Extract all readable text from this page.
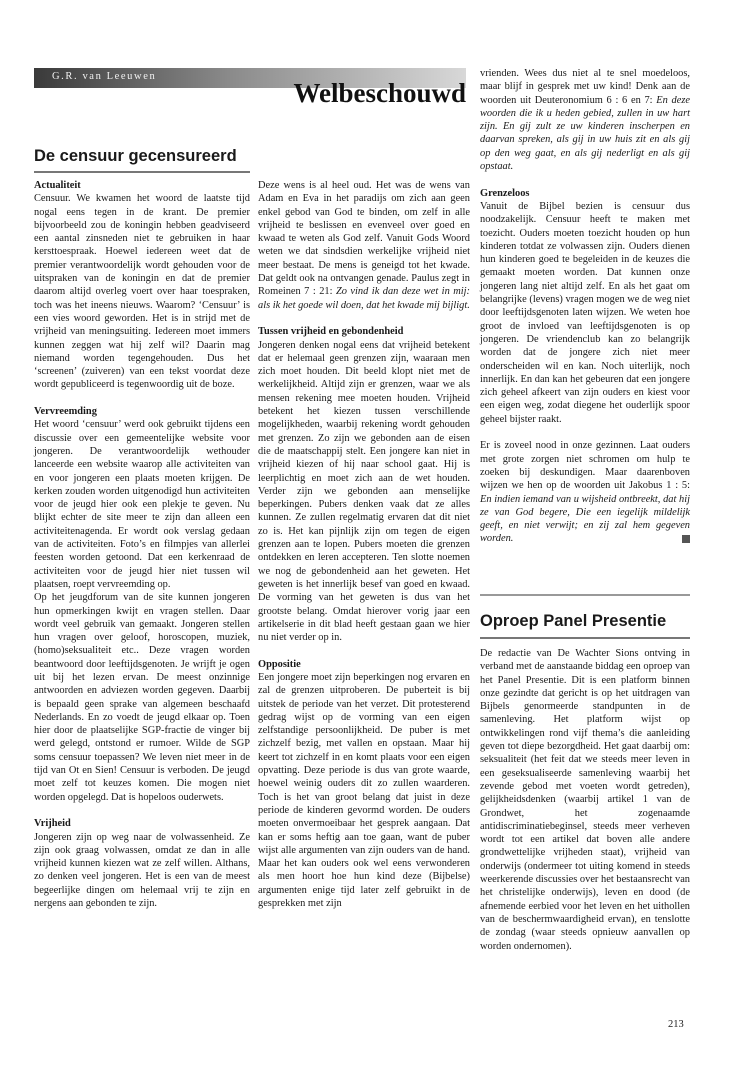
G.R. van Leeuwen
Welbeschouwd
De censuur gecensureerd

Actualiteit

Censuur. We kwamen het woord de laatste tijd nogal eens tegen in de krant. De premier bijvoorbeeld zou de koningin hebben geadviseerd een aantal zinsneden niet te gebruiken in haar kersttoespraak. Hoewel iedereen weet dat de premier verantwoordelijk wordt gehouden voor de uitspraken van de koningin en dat de premier daarom altijd overleg voert over haar toespraken, toch was het ineens nieuws. Waarom? ‘Censuur’ is een vies woord geworden. Het is in strijd met de vrijheid van meningsuiting. Iedereen moet immers kunnen zeggen wat hij zelf wil? Daarin mag niemand worden tegengehouden. Dus het ‘screenen’ (zuiveren) van een tekst voordat deze wordt gepubliceerd is tegenwoordig uit de boze.

Vervreemding

Het woord ‘censuur’ werd ook gebruikt tijdens een discussie over een gemeentelijke website voor jongeren. De verantwoordelijk wethouder lanceerde een website waarop alle activiteiten van en voor jongeren een plaats moeten krijgen. De kerken zouden worden uitgenodigd hun activiteiten voor de jeugd hier ook een plekje te geven. Nu blijkt echter de site meer te zijn dan alleen een activiteitenagenda. Er wordt ook verslag gedaan van de activiteiten. Foto’s en filmpjes van allerlei feesten worden getoond. Dat een kerkenraad de activiteiten voor de jeugd hier niet tussen wil plaatsen, roept vervreemding op.

Op het jeugdforum van de site kunnen jongeren hun opmerkingen kwijt en vragen stellen. Daar wordt veel gebruik van gemaakt. Jongeren stellen hun vragen over geloof, horoscopen, muziek, (homo)seksualiteit etc.. Deze vragen worden beantwoord door leeftijdsgenoten. Je wrijft je ogen uit bij het lezen ervan. De meest onzinnige antwoorden en adviezen worden gegeven. Daarbij is bepaald geen sprake van algemeen beschaafd Nederlands. En zo voedt de jeugd elkaar op. Toen hier door de plaatselijke SGP-fractie de vinger bij werd gelegd, ontstond er rumoer. Wilde de SGP soms censuur toepassen? We leven niet meer in de tijd van Ot en Sien! Censuur is verboden. De jeugd moet zelf tot keuzes komen. Die mogen niet worden opgelegd. Dat is hopeloos ouderwets.

Vrijheid

Jongeren zijn op weg naar de volwassenheid. Ze zijn ook graag volwassen, omdat ze dan in alle vrijheid kunnen kiezen wat ze zelf willen. Althans, zo denken veel jongeren. Het is een van de meest begeerlijke dingen om helemaal vrij te zijn en nergens aan gebonden te zijn.

Deze wens is al heel oud. Het was de wens van Adam en Eva in het paradijs om zich aan geen enkel gebod van God te binden, om zelf in alle vrijheid te beslissen en evenveel over goed en kwaad te weten als God zelf. Vanuit Gods Woord weten we dat sindsdien werkelijke vrijheid niet meer bestaat. De mens is geneigd tot het kwade. Dat geldt ook na ontvangen genade. Paulus zegt in Romeinen 7 : 21: Zo vind ik dan deze wet in mij: als ik het goede wil doen, dat het kwade mij bijligt.

Tussen vrijheid en gebondenheid

Jongeren denken nogal eens dat vrijheid betekent dat er helemaal geen grenzen zijn, waaraan men zich moet houden. Dit beeld klopt niet met de werkelijkheid. Altijd zijn er grenzen, waar we als mensen rekening mee moeten houden. Vrijheid betekent het kiezen tussen verschillende mogelijkheden, waarbij rekening wordt gehouden met grenzen. Zo zijn we gebonden aan de eisen die de maatschappij stelt. Een jongere kan niet in vrijheid kiezen of hij naar school gaat. Hij is leerplichtig en moet zich aan de wet houden. Verder zijn we gebonden aan menselijke beperkingen. Pubers denken vaak dat ze alles kunnen. Ze zullen regelmatig ervaren dat dit niet zo is. Het kan pijnlijk zijn om tegen de eigen grenzen aan te lopen. Pubers moeten die grenzen ontdekken en leren accepteren. Ten slotte noemen we nog de gebondenheid aan het geweten. Het geweten is het innerlijk besef van goed en kwaad. De vorming van het geweten is dus van het grootste belang. Omdat hierover vorig jaar een artikelserie in dit blad heeft gestaan gaan we hier nu niet verder op in.

Oppositie

Een jongere moet zijn beperkingen nog ervaren en zal de grenzen uitproberen. De puberteit is bij uitstek de periode van het verzet. Dit protesterend gedrag wijst op de vorming van een eigen zelfstandige persoonlijkheid. De puber is met zichzelf bezig, met vallen en opstaan. Maar hij keert tot zichzelf in en komt plaats voor een eigen opvatting. Deze periode is dus van grote waarde, hoewel weinig ouders dit zo zullen waarderen. Toch is het van groot belang dat juist in deze periode de kinderen gevormd worden. De ouders moeten onvermoeibaar het gesprek aangaan. Dat kan er soms heftig aan toe gaan, want de puber wijst alle argumenten van zijn ouders van de hand. Maar het kan ouders ook wel eens verwonderen als men hoort hoe hun kind deze (Bijbelse) argumenten enige tijd later zelf gebruikt in de gesprekken met zijn

vrienden. Wees dus niet al te snel moedeloos, maar blijf in gesprek met uw kind! Denk aan de woorden uit Deuteronomium 6 : 6 en 7: En deze woorden die ik u heden gebied, zullen in uw hart zijn. En gij zult ze uw kinderen inscherpen en daarvan spreken, als gij in uw huis zit en als gij op den weg gaat, en als gij nederligt en als gij opstaat.

Grenzeloos

Vanuit de Bijbel bezien is censuur dus noodzakelijk. Censuur heeft te maken met toezicht. Ouders moeten toezicht houden op hun kinderen totdat ze volwassen zijn. Ouders dienen hun kinderen goed te begeleiden in de keuzes die gemaakt moeten worden. Dat kunnen onze jongeren lang niet altijd zelf. En als het gaat om belangrijke (levens) vragen mogen we de weg niet door leeftijdsgenoten laten wijzen. We weten hoe groot de invloed van leeftijdsgenoten is op jongeren. De vriendenclub kan zo belangrijk worden dat de jongere zich niet meer onderscheiden wil en kan. Noch uiterlijk, noch innerlijk. En dan kan het gebeuren dat een jongere zich geheel afkeert van zijn ouders en kiest voor een eigen weg, zodat diegene het ouderlijk spoor geheel bijster raakt.

Er is zoveel nood in onze gezinnen. Laat ouders met grote zorgen niet schromen om hulp te zoeken bij deskundigen. Maar daarenboven wijzen we hen op de woorden uit Jakobus 1 : 5: En indien iemand van u wijsheid ontbreekt, dat hij ze van God begere, Die een iegelijk mildelijk geeft, en niet verwijt; en zij zal hem gegeven worden.

Oproep Panel Presentie

De redactie van De Wachter Sions ontving in verband met de aanstaande biddag een oproep van het Panel Presentie. Dit is een platform binnen onze gezindte dat gericht is op het uitdragen van Bijbels genormeerde standpunten in de samenleving. Het platform wijst op ontwikkelingen rond vijf thema’s die aanleiding geven tot diepe bezorgdheid. Het gaat daarbij om: seksualiteit (het feit dat we steeds meer leven in een geseksualiseerde samenleving waarbij het zevende gebod met voeten wordt getreden), gelijkheidsdenken (waarbij artikel 1 van de Grondwet, het zogenaamde antidiscriminatiebeginsel, steeds meer verheven wordt tot een artikel dat boven alle andere grondwettelijke vrijheden staat), vrijheid van onderwijs (ondermeer tot uiting komend in steeds weerkerende discussies over het bestaansrecht van het christelijke onderwijs), leven en dood (de afnemende eerbied voor het leven en het uithollen van de beschermwaardigheid ervan), en tenslotte de zondag (waar steeds opnieuw aanvallen op worden ondernomen).

213
